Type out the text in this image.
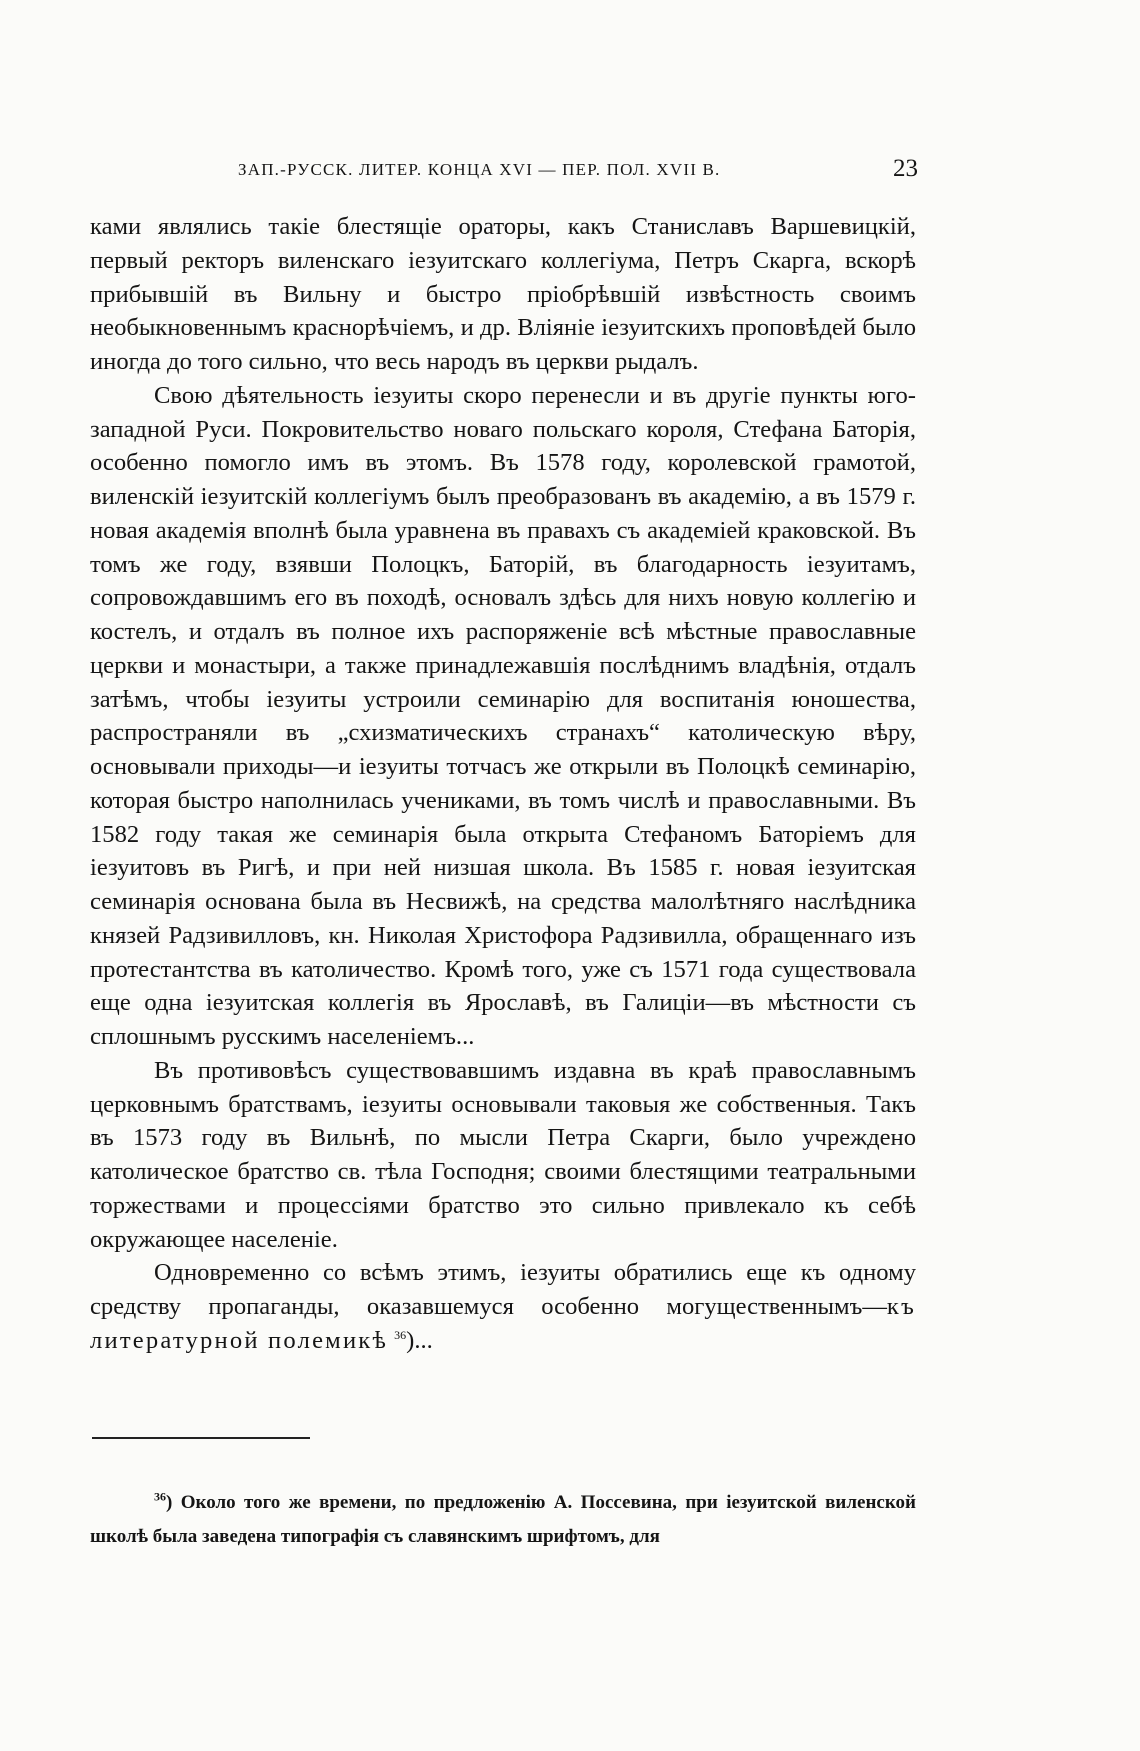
ЗАП.-РУССК. ЛИТЕР. КОНЦА XVI — ПЕР. ПОЛ. XVII В.	23

ками являлись такіе блестящіе ораторы, какъ Станиславъ Варшевицкій, первый ректоръ виленскаго іезуитскаго коллегіума, Петръ Скарга, вскорѣ прибывшій въ Вильну и быстро пріобрѣвшій извѣстность своимъ необыкновеннымъ краснорѣчіемъ, и др. Вліяніе іезуитскихъ проповѣдей было иногда до того сильно, что весь народъ въ церкви рыдалъ.

Свою дѣятельность іезуиты скоро перенесли и въ другіе пункты юго-западной Руси. Покровительство новаго польскаго короля, Стефана Баторія, особенно помогло имъ въ этомъ. Въ 1578 году, королевской грамотой, виленскій іезуитскій коллегіумъ былъ преобразованъ въ академію, а въ 1579 г. новая академія вполнѣ была уравнена въ правахъ съ академіей краковской. Въ томъ же году, взявши Полоцкъ, Баторій, въ благодарность іезуитамъ, сопровождавшимъ его въ походѣ, основалъ здѣсь для нихъ новую коллегію и костелъ, и отдалъ въ полное ихъ распоряженіе всѣ мѣстные православные церкви и монастыри, а также принадлежавшія послѣднимъ владѣнія, отдалъ затѣмъ, чтобы іезуиты устроили семинарію для воспитанія юношества, распространяли въ „схизматическихъ странахъ“ католическую вѣру, основывали приходы—и іезуиты тотчасъ же открыли въ Полоцкѣ семинарію, которая быстро наполнилась учениками, въ томъ числѣ и православными. Въ 1582 году такая же семинарія была открыта Стефаномъ Баторіемъ для іезуитовъ въ Ригѣ, и при ней низшая школа. Въ 1585 г. новая іезуитская семинарія основана была въ Несвижѣ, на средства малолѣтняго наслѣдника князей Радзивилловъ, кн. Николая Христофора Радзивилла, обращеннаго изъ протестантства въ католичество. Кромѣ того, уже съ 1571 года существовала еще одна іезуитская коллегія въ Ярославѣ, въ Галиціи—въ мѣстности съ сплошнымъ русскимъ населеніемъ...

Въ противовѣсъ существовавшимъ издавна въ краѣ православнымъ церковнымъ братствамъ, іезуиты основывали таковыя же собственныя. Такъ въ 1573 году въ Вильнѣ, по мысли Петра Скарги, было учреждено католическое братство св. тѣла Господня; своими блестящими театральными торжествами и процессіями братство это сильно привлекало къ себѣ окружающее населеніе.

Одновременно со всѣмъ этимъ, іезуиты обратились еще къ одному средству пропаганды, оказавшемуся особенно могущественнымъ—къ литературной полемикѣ $^{36}$)...

$^{36}$) Около того же времени, по предложенію А. Поссевина, при іезуитской виленской школѣ была заведена типографія съ славянскимъ шрифтомъ, для
